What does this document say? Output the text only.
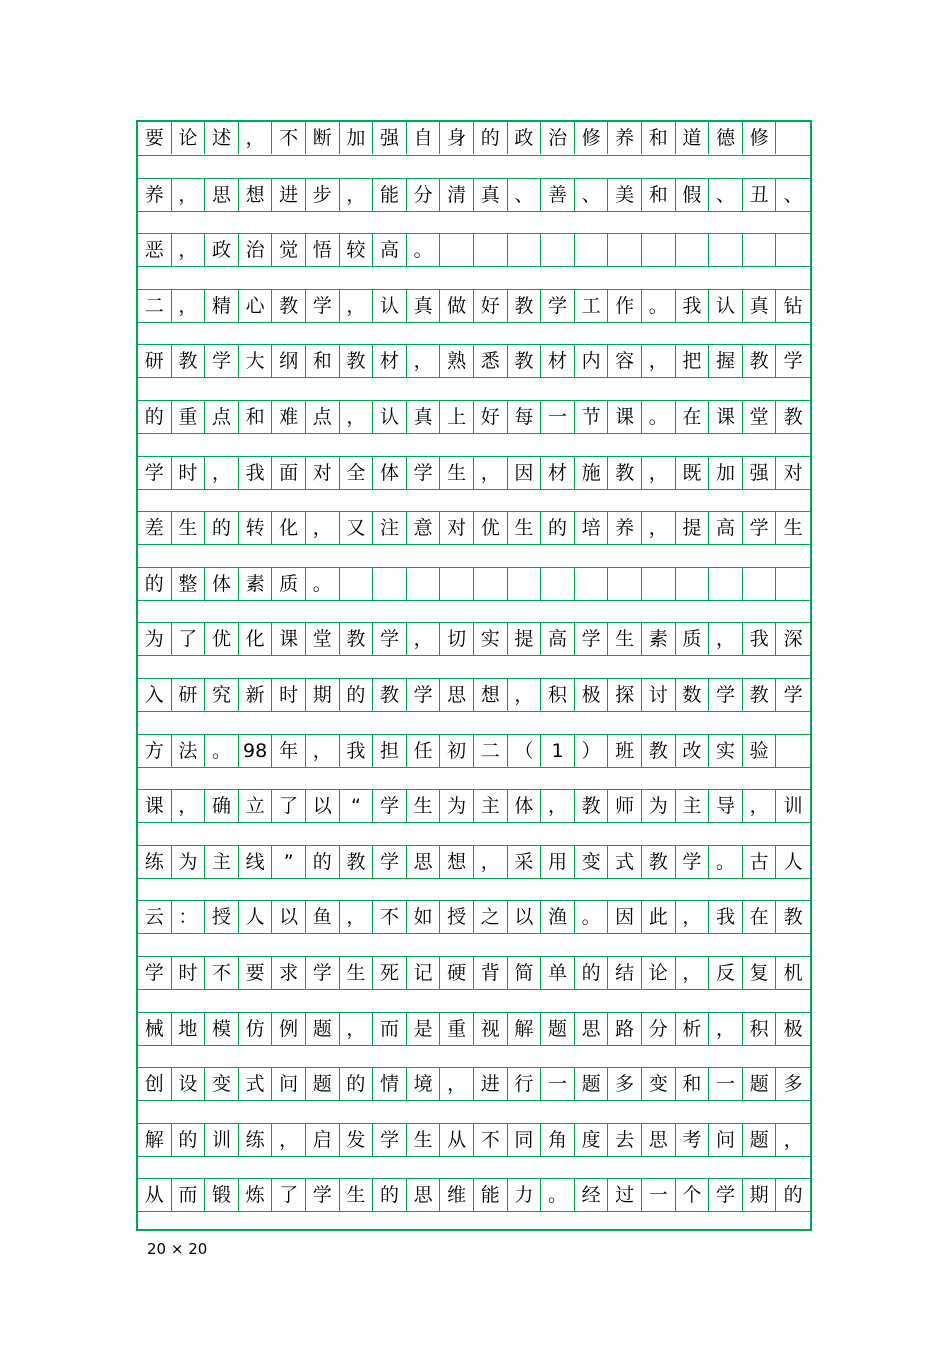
要 论 述 ， 不 断 加 强 自 身 的 政 治 修 养 和 道 德 修
养 ， 思 想 进 步 ， 能 分 清 真 、 善 、 美 和 假 、 丑 、
恶 ， 政 治 觉 悟 较 高 。
二 ， 精 心 教 学 ， 认 真 做 好 教 学 工 作 。 我 认 真 钻
研 教 学 大 纲 和 教 材 ， 熟 悉 教 材 内 容 ， 把 握 教 学
的 重 点 和 难 点 ， 认 真 上 好 每 一 节 课 。 在 课 堂 教
学 时 ， 我 面 对 全 体 学 生 ， 因 材 施 教 ， 既 加 强 对
差 生 的 转 化 ， 又 注 意 对 优 生 的 培 养 ， 提 高 学 生
的 整 体 素 质 。
为 了 优 化 课 堂 教 学 ， 切 实 提 高 学 生 素 质 ， 我 深
入 研 究 新 时 期 的 教 学 思 想 ， 积 极 探 讨 数 学 教 学
方 法 。 98 年 ， 我 担 任 初 二 （ 1 ） 班 教 改 实 验
课 ， 确 立 了 以	“	学 生 为 主 体 ， 教 师 为 主 导 ， 训
练 为 主 线	”	的 教 学 思 想 ， 采 用 变 式 教 学 。 古 人
云 ： 授 人 以 鱼 ， 不 如 授 之 以 渔 。 因 此 ， 我 在 教
学 时 不 要 求 学 生 死 记 硬 背 简 单 的 结 论 ， 反 复 机
械 地 模 仿 例 题 ， 而 是 重 视 解 题 思 路 分 析 ， 积 极
创 设 变 式 问 题 的 情 境 ， 进 行 一 题 多 变 和 一 题 多
解 的 训 练 ， 启 发 学 生 从 不 同 角 度 去 思 考 问 题 ，
从 而 锻 炼 了 学 生 的 思 维 能 力 。 经 过 一 个 学 期 的
20 × 20
